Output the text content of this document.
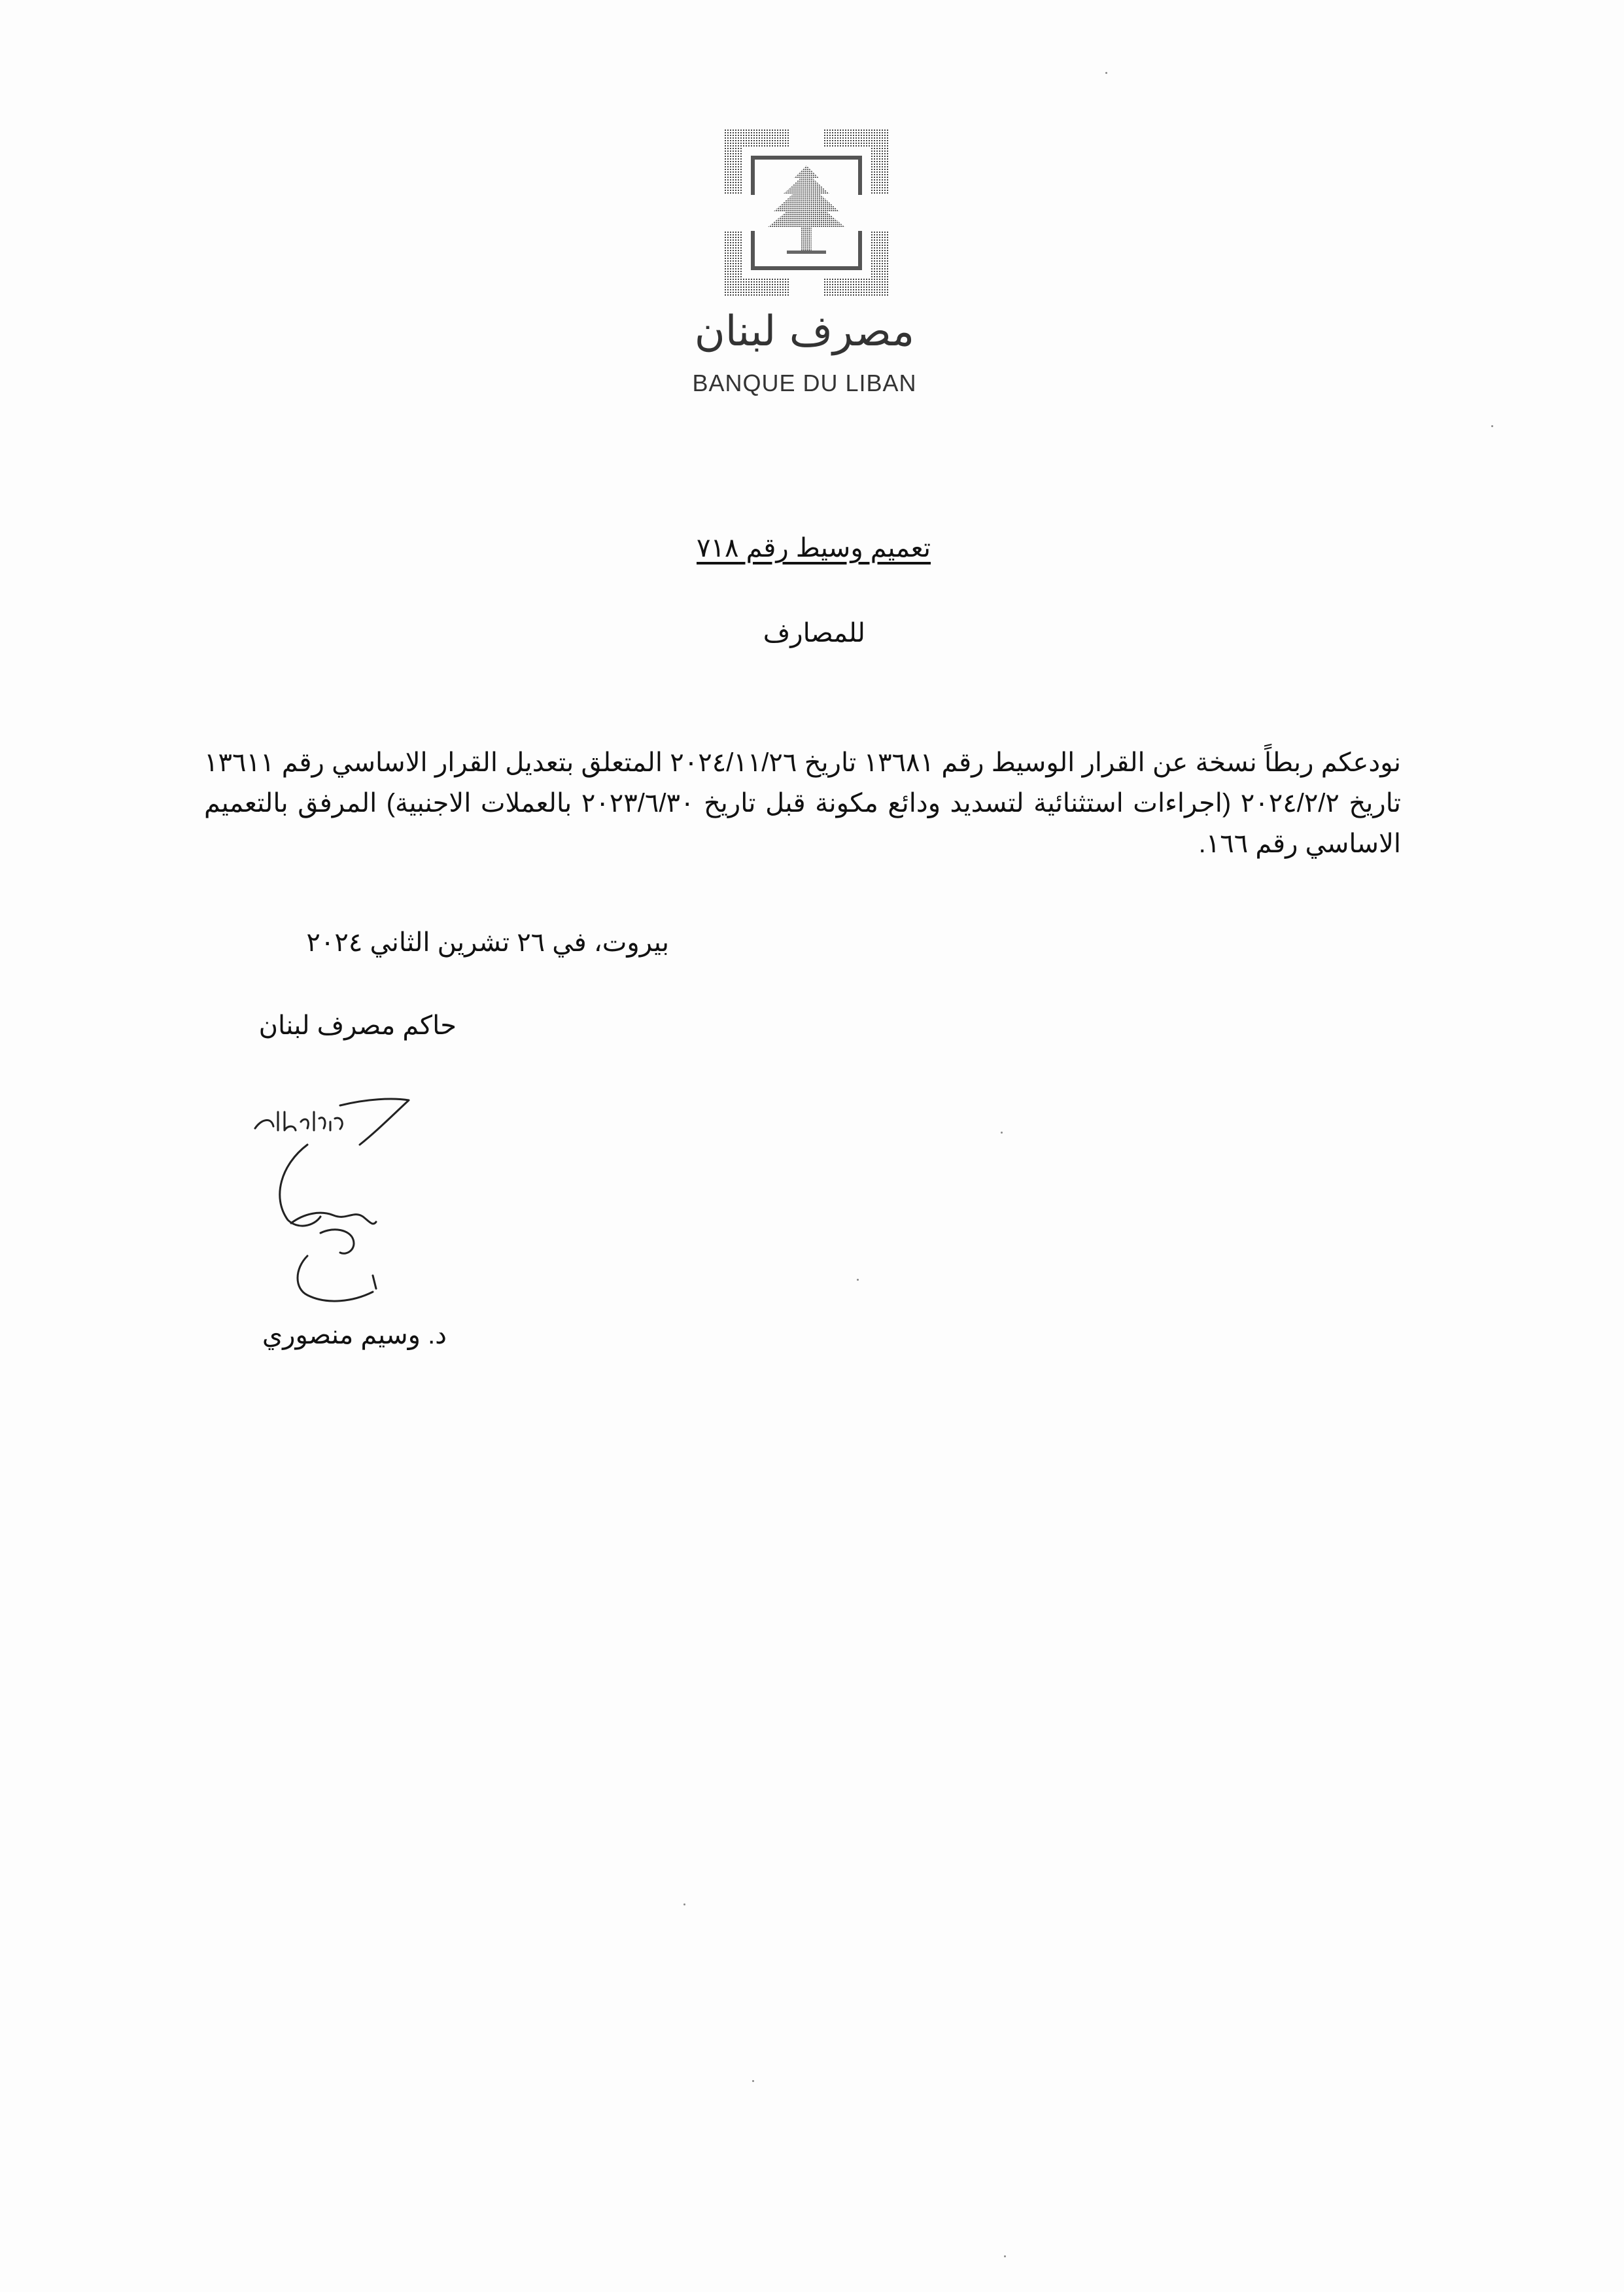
مصرف لبنان
BANQUE DU LIBAN
تعميم وسيط رقم ٧١٨
للمصارف
نودعكم ربطاً نسخة عن القرار الوسيط رقم ١٣٦٨١ تاريخ ٢٠٢٤/١١/٢٦ المتعلق بتعديل القرار الاساسي رقم ١٣٦١١ تاريخ ٢٠٢٤/٢/٢ (اجراءات استثنائية لتسديد ودائع مكونة قبل تاريخ ٢٠٢٣/٦/٣٠ بالعملات الاجنبية) المرفق بالتعميم الاساسي رقم ١٦٦.
بيروت، في ٢٦ تشرين الثاني ٢٠٢٤
حاكم مصرف لبنان
د. وسيم منصوري
